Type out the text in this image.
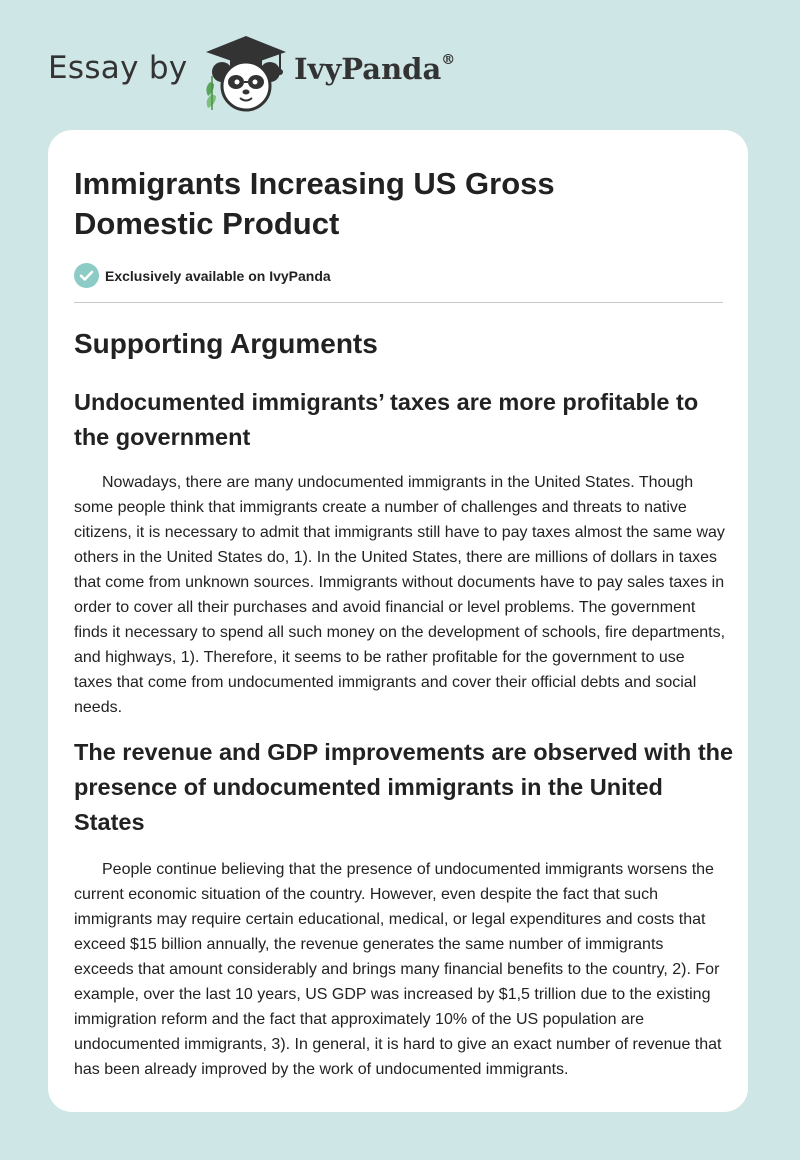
Essay by	IvyPanda®
Immigrants Increasing US Gross Domestic Product
Exclusively available on IvyPanda
Supporting Arguments
Undocumented immigrants’ taxes are more profitable to the government

Nowadays, there are many undocumented immigrants in the United States. Though some people think that immigrants create a number of challenges and threats to native citizens, it is necessary to admit that immigrants still have to pay taxes almost the same way others in the United States do, 1). In the United States, there are millions of dollars in taxes that come from unknown sources. Immigrants without documents have to pay sales taxes in order to cover all their purchases and avoid financial or level problems. The government finds it necessary to spend all such money on the development of schools, fire departments, and highways, 1). Therefore, it seems to be rather profitable for the government to use taxes that come from undocumented immigrants and cover their official debts and social needs.

The revenue and GDP improvements are observed with the presence of undocumented immigrants in the United States

People continue believing that the presence of undocumented immigrants worsens the current economic situation of the country. However, even despite the fact that such immigrants may require certain educational, medical, or legal expenditures and costs that exceed $15 billion annually, the revenue generates the same number of immigrants exceeds that amount considerably and brings many financial benefits to the country, 2). For example, over the last 10 years, US GDP was increased by $1,5 trillion due to the existing immigration reform and the fact that approximately 10% of the US population are undocumented immigrants, 3). In general, it is hard to give an exact number of revenue that has been already improved by the work of undocumented immigrants.
